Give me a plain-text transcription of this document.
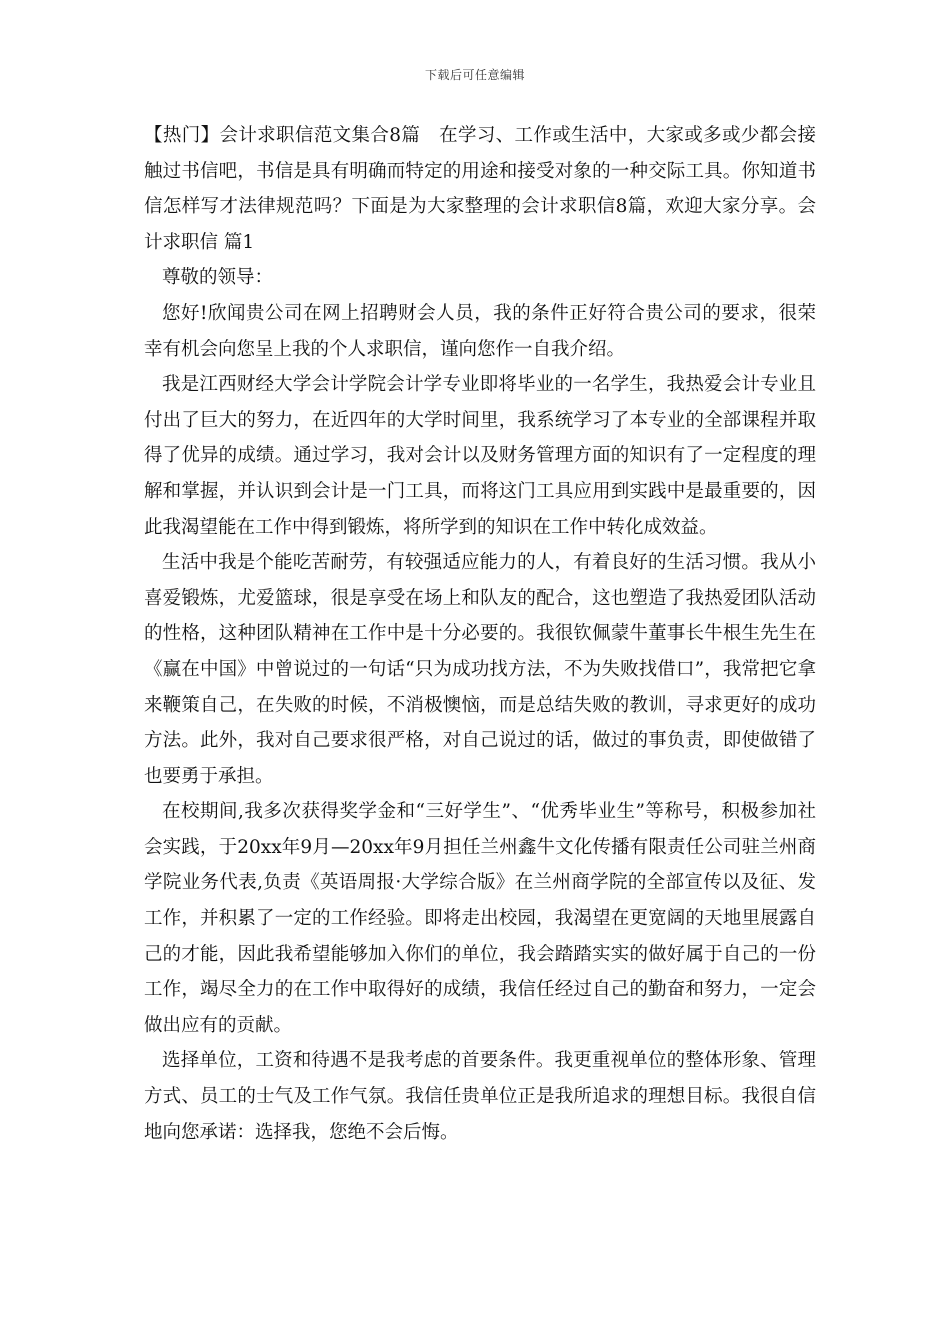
下载后可任意编辑

【热门】会计求职信范文集合8篇　在学习、工作或生活中，大家或多或少都会接触过书信吧，书信是具有明确而特定的用途和接受对象的一种交际工具。你知道书信怎样写才法律规范吗？下面是为大家整理的会计求职信8篇，欢迎大家分享。会计求职信 篇1

尊敬的领导：

您好!欣闻贵公司在网上招聘财会人员，我的条件正好符合贵公司的要求，很荣幸有机会向您呈上我的个人求职信，谨向您作一自我介绍。

我是江西财经大学会计学院会计学专业即将毕业的一名学生，我热爱会计专业且付出了巨大的努力，在近四年的大学时间里，我系统学习了本专业的全部课程并取得了优异的成绩。通过学习，我对会计以及财务管理方面的知识有了一定程度的理解和掌握，并认识到会计是一门工具，而将这门工具应用到实践中是最重要的，因此我渴望能在工作中得到锻炼，将所学到的知识在工作中转化成效益。

生活中我是个能吃苦耐劳，有较强适应能力的人，有着良好的生活习惯。我从小喜爱锻炼，尤爱篮球，很是享受在场上和队友的配合，这也塑造了我热爱团队活动的性格，这种团队精神在工作中是十分必要的。我很钦佩蒙牛董事长牛根生先生在《赢在中国》中曾说过的一句话“只为成功找方法，不为失败找借口”，我常把它拿来鞭策自己，在失败的时候，不消极懊恼，而是总结失败的教训，寻求更好的成功方法。此外，我对自己要求很严格，对自己说过的话，做过的事负责，即使做错了也要勇于承担。

在校期间,我多次获得奖学金和“三好学生”、“优秀毕业生”等称号，积极参加社会实践，于20xx年9月—20xx年9月担任兰州鑫牛文化传播有限责任公司驻兰州商学院业务代表,负责《英语周报·大学综合版》在兰州商学院的全部宣传以及征、发工作，并积累了一定的工作经验。即将走出校园，我渴望在更宽阔的天地里展露自己的才能，因此我希望能够加入你们的单位，我会踏踏实实的做好属于自己的一份工作，竭尽全力的在工作中取得好的成绩，我信任经过自己的勤奋和努力，一定会做出应有的贡献。

选择单位，工资和待遇不是我考虑的首要条件。我更重视单位的整体形象、管理方式、员工的士气及工作气氛。我信任贵单位正是我所追求的理想目标。我很自信地向您承诺：选择我，您绝不会后悔。
